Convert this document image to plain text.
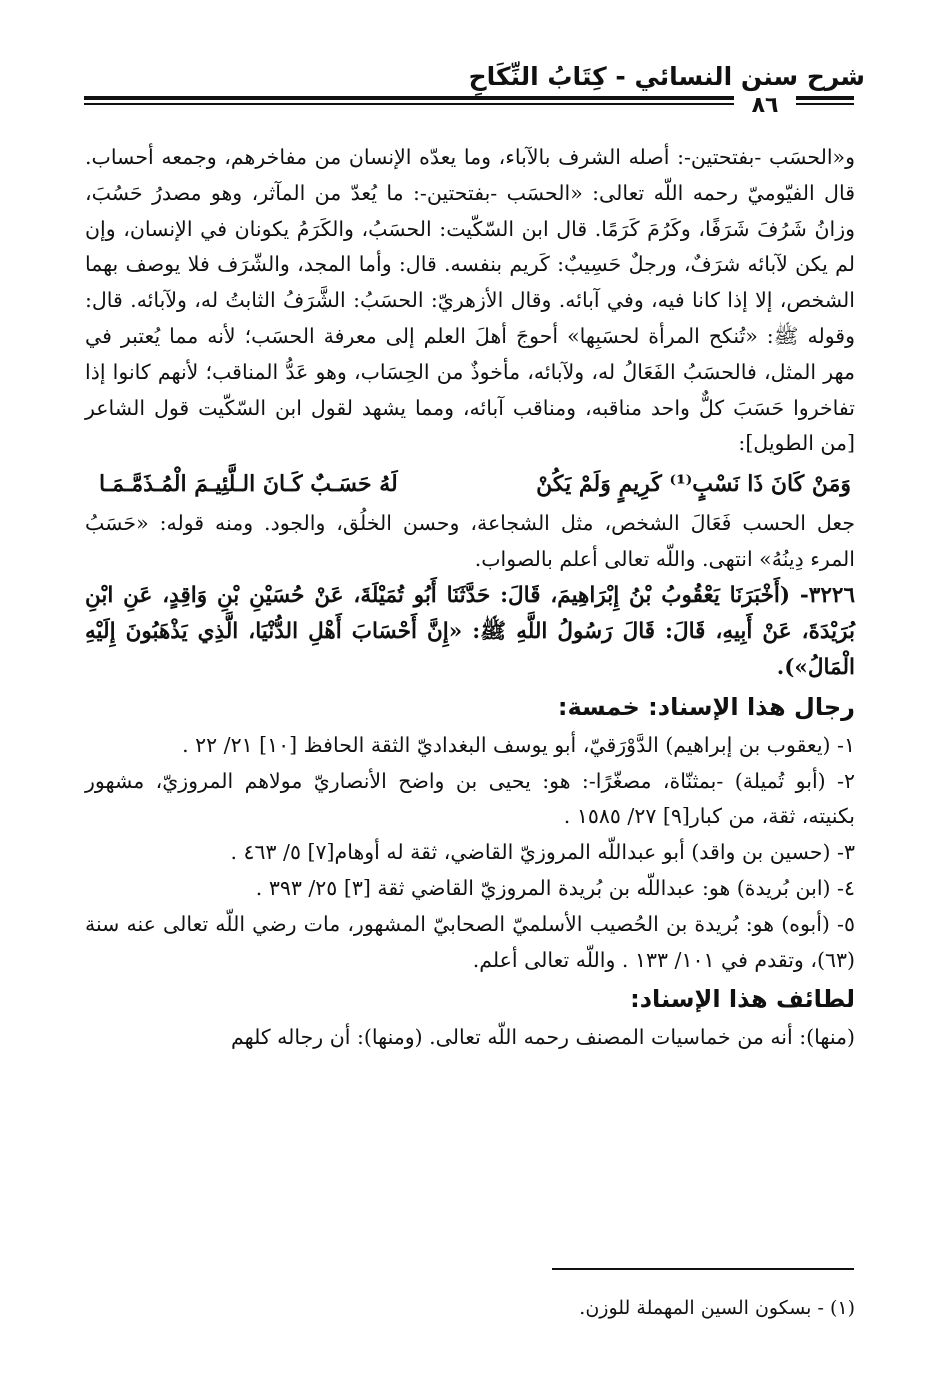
شرح سنن النسائي - كِتَابُ النِّكَاحِ
٨٦

و«الحسَب -بفتحتين-: أصله الشرف بالآباء، وما يعدّه الإنسان من مفاخرهم، وجمعه أحساب. قال الفيّوميّ رحمه اللّه تعالى: «الحسَب -بفتحتين-: ما يُعدّ من المآثر، وهو مصدرُ حَسُبَ، وزانُ شَرُفَ شَرَفًا، وكَرُمَ كَرَمًا. قال ابن السّكّيت: الحسَبُ، والكَرَمُ يكونان في الإنسان، وإن لم يكن لآبائه شرَفٌ، ورجلٌ حَسِيبٌ: كَريم بنفسه. قال: وأما المجد، والشّرَف فلا يوصف بهما الشخص، إلا إذا كانا فيه، وفي آبائه. وقال الأزهريّ: الحسَبُ: الشَّرَفُ الثابتُ له، ولآبائه. قال: وقوله ﷺ: «تُنكح المرأة لحسَبِها» أحوجَ أهلَ العلم إلى معرفة الحسَب؛ لأنه مما يُعتبر في مهر المثل، فالحسَبُ الفَعَالُ له، ولآبائه، مأخوذٌ من الحِسَاب، وهو عَدُّ المناقب؛ لأنهم كانوا إذا تفاخروا حَسَبَ كلٌّ واحد مناقبه، ومناقب آبائه، ومما يشهد لقول ابن السّكّيت قول الشاعر [من الطويل]:

وَمَنْ كَانَ ذَا نَسْبٍ⁽¹⁾ كَرِيمٍ وَلَمْ يَكُنْ
لَهُ حَسَـبٌ كَـانَ الـلَّئِيـمَ الْمُـذَمَّـمَـا

جعل الحسب فَعَالَ الشخص، مثل الشجاعة، وحسن الخلُق، والجود. ومنه قوله: «حَسَبُ المرء دِينُهُ» انتهى. واللّه تعالى أعلم بالصواب.

٣٢٢٦- (أَخْبَرَنَا يَعْقُوبُ بْنُ إِبْرَاهِيمَ، قَالَ: حَدَّثَنَا أَبُو تُمَيْلَةَ، عَنْ حُسَيْنِ بْنِ وَاقِدٍ، عَنِ ابْنِ بُرَيْدَةَ، عَنْ أَبِيهِ، قَالَ: قَالَ رَسُولُ اللَّهِ ﷺ: «إِنَّ أَحْسَابَ أَهْلِ الدُّنْيَا، الَّذِي يَذْهَبُونَ إِلَيْهِ الْمَالُ»).

رجال هذا الإسناد: خمسة:

١- (يعقوب بن إبراهيم) الدَّوْرَقيّ، أبو يوسف البغداديّ الثقة الحافظ [١٠] ٢١/ ٢٢ .

٢- (أبو تُميلة) -بمثنّاة، مصغّرًا-: هو: يحيى بن واضح الأنصاريّ مولاهم المروزيّ، مشهور بكنيته، ثقة، من كبار[٩] ٢٧/ ١٥٨٥ .

٣- (حسين بن واقد) أبو عبداللّه المروزيّ القاضي، ثقة له أوهام[٧] ٥/ ٤٦٣ .

٤- (ابن بُريدة) هو: عبداللّه بن بُريدة المروزيّ القاضي ثقة [٣] ٢٥/ ٣٩٣ .

٥- (أبوه) هو: بُريدة بن الحُصيب الأسلميّ الصحابيّ المشهور، مات رضي اللّه تعالى عنه سنة (٦٣)، وتقدم في ١٠١/ ١٣٣ . واللّه تعالى أعلم.

لطائف هذا الإسناد:

(منها): أنه من خماسيات المصنف رحمه اللّه تعالى. (ومنها): أن رجاله كلهم

(١) - بسكون السين المهملة للوزن.
